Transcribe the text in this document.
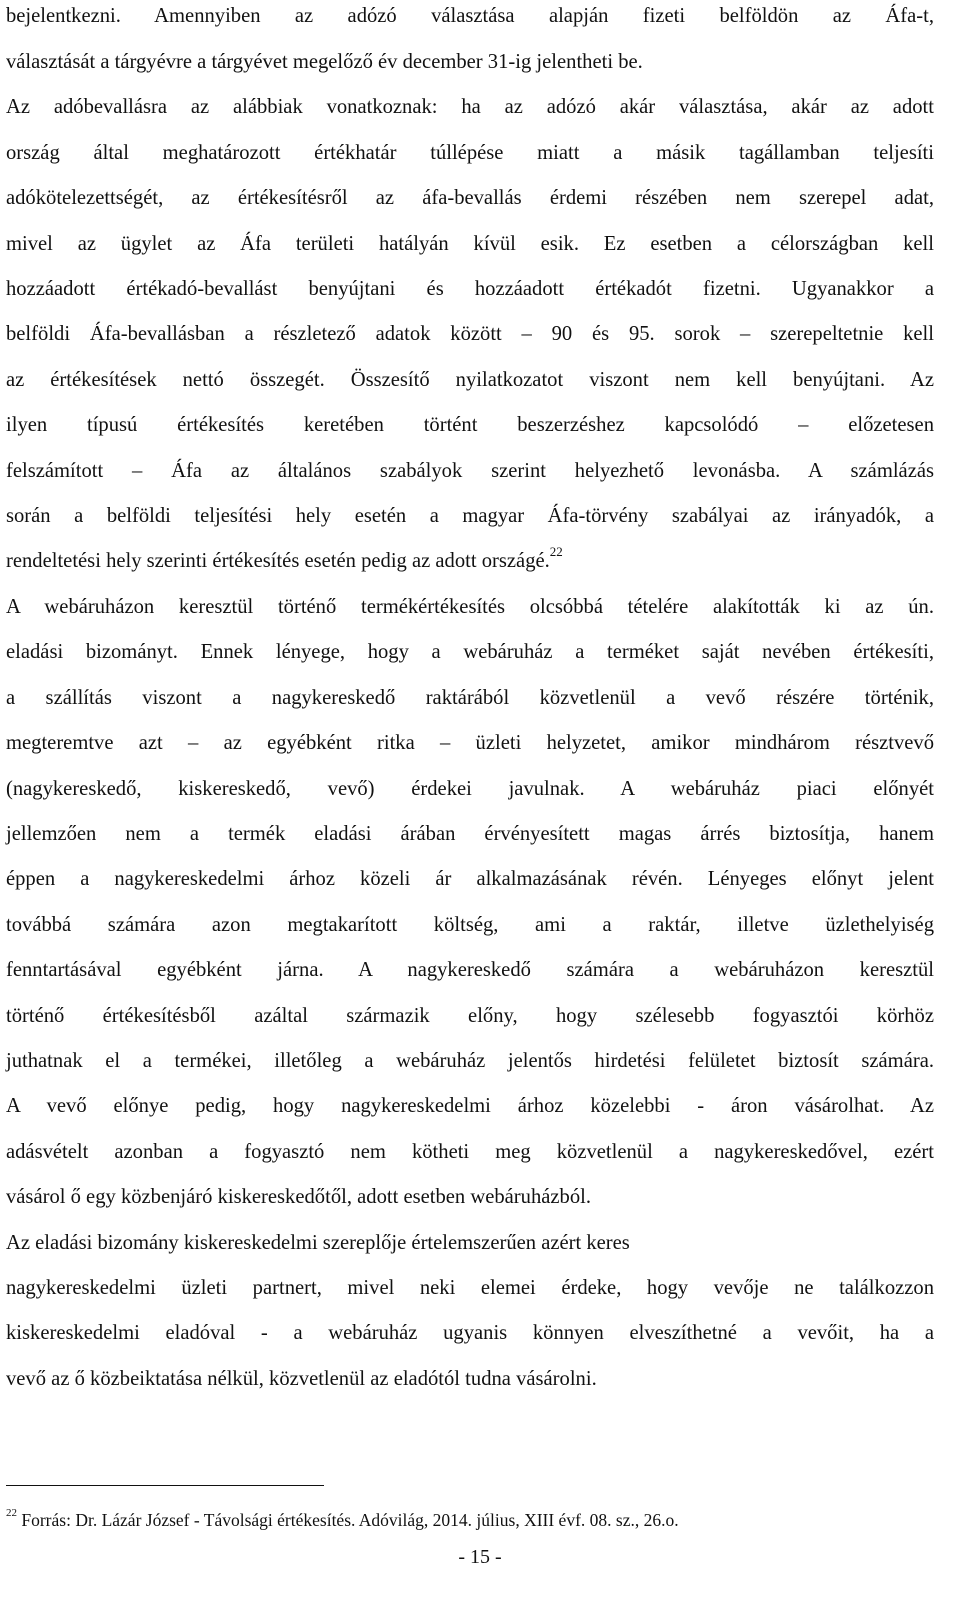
bejelentkezni. Amennyiben az adózó választása alapján fizeti belföldön az Áfa-t,
választását a tárgyévre a tárgyévet megelőző év december 31-ig jelentheti be.
Az adóbevallásra az alábbiak vonatkoznak: ha az adózó akár választása, akár az adott
ország által meghatározott értékhatár túllépése miatt a másik tagállamban teljesíti
adókötelezettségét, az értékesítésről az áfa-bevallás érdemi részében nem szerepel adat,
mivel az ügylet az Áfa területi hatályán kívül esik. Ez esetben a célországban kell
hozzáadott értékadó-bevallást benyújtani és hozzáadott értékadót fizetni. Ugyanakkor a
belföldi Áfa-bevallásban a részletező adatok között – 90 és 95. sorok – szerepeltetnie kell
az értékesítések nettó összegét. Összesítő nyilatkozatot viszont nem kell benyújtani. Az
ilyen típusú értékesítés keretében történt beszerzéshez kapcsolódó – előzetesen
felszámított – Áfa az általános szabályok szerint helyezhető levonásba. A számlázás
során a belföldi teljesítési hely esetén a magyar Áfa-törvény szabályai az irányadók, a
rendeltetési hely szerinti értékesítés esetén pedig az adott országé.$^{22}$
A webáruházon keresztül történő termékértékesítés olcsóbbá tételére alakították ki az ún.
eladási bizományt. Ennek lényege, hogy a webáruház a terméket saját nevében értékesíti,
a szállítás viszont a nagykereskedő raktárából közvetlenül a vevő részére történik,
megteremtve azt – az egyébként ritka – üzleti helyzetet, amikor mindhárom résztvevő
(nagykereskedő, kiskereskedő, vevő) érdekei javulnak. A webáruház piaci előnyét
jellemzően nem a termék eladási árában érvényesített magas árrés biztosítja, hanem
éppen a nagykereskedelmi árhoz közeli ár alkalmazásának révén. Lényeges előnyt jelent
továbbá számára azon megtakarított költség, ami a raktár, illetve üzlethelyiség
fenntartásával egyébként járna. A nagykereskedő számára a webáruházon keresztül
történő értékesítésből azáltal származik előny, hogy szélesebb fogyasztói körhöz
juthatnak el a termékei, illetőleg a webáruház jelentős hirdetési felületet biztosít számára.
A vevő előnye pedig, hogy nagykereskedelmi árhoz közelebbi - áron vásárolhat. Az
adásvételt azonban a fogyasztó nem kötheti meg közvetlenül a nagykereskedővel, ezért
vásárol ő egy közbenjáró kiskereskedőtől, adott esetben webáruházból.
Az eladási bizomány kiskereskedelmi szereplője értelemszerűen azért keres
nagykereskedelmi üzleti partnert, mivel neki elemei érdeke, hogy vevője ne találkozzon
kiskereskedelmi eladóval - a webáruház ugyanis könnyen elveszíthetné a vevőit, ha a
vevő az ő közbeiktatása nélkül, közvetlenül az eladótól tudna vásárolni.
$^{22}$ Forrás: Dr. Lázár József - Távolsági értékesítés. Adóvilág, 2014. július, XIII évf. 08. sz., 26.o.
- 15 -
